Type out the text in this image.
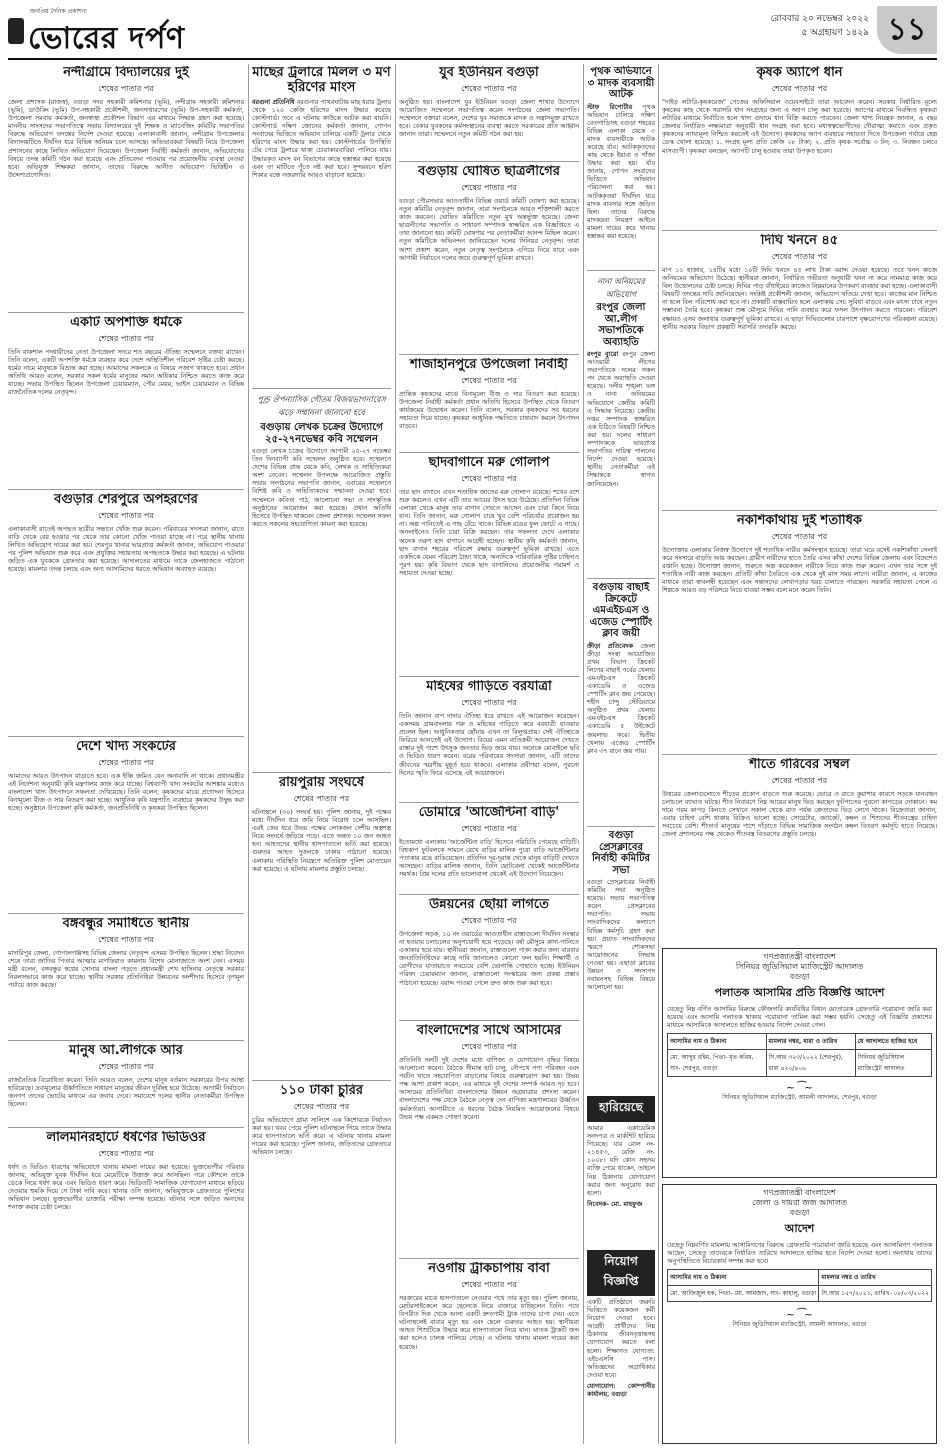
জনপ্রিয় দৈনিক প্রকাশনা
ভোরের দর্পণ
রোববার ২০ নভেম্বর ২০২২
৫ অগ্রহায়ণ ১৪২৯ ১১
নন্দীগ্রামে বিদ্যালয়ের দুই
শেষের পাতার পর
জেলা প্রশাসক (রাজস্ব), বগুড়া সদর সহকারী কমিশনার (ভূমি), নন্দীগ্রাম সহকারী কমিশনার (ভূমি), ডাউকিং (ভূমি) উপ-সহকারী প্রকৌশলী, জনসাধারণের (ভূমি) উপ-সহকারী কর্মকর্তা, উপজেলা সমবায় কর্মকর্তা, জনস্বাস্থ্য প্রকৌশল বিভাগ এর মাধ্যমে সিদ্ধান্ত গ্রহণ করা হয়েছে। মাননীয় সাংসদের সভাপতিত্বে সভায় বিদ্যালয়ের দুই শিক্ষক ও ম্যানেজিং কমিটির সভাপতির বিরুদ্ধে অভিযোগ তদন্তের নির্দেশ দেওয়া হয়েছে। এলাকাবাসী জানান, নন্দীগ্রাম উপজেলার বিদ্যালয়টিতে দীর্ঘদিন ধরে বিভিন্ন অনিয়ম চলে আসছে। অভিভাবকরা বিষয়টি নিয়ে উপজেলা প্রশাসনের কাছে লিখিত অভিযোগ দিয়েছেন। উপজেলা নির্বাহী কর্মকর্তা জানান, অভিযোগের বিষয়ে তদন্ত কমিটি গঠন করা হয়েছে এবং প্রতিবেদন পাওয়ার পর প্রয়োজনীয় ব্যবস্থা নেওয়া হবে। অভিযুক্ত শিক্ষকরা জানান, তাদের বিরুদ্ধে আনীত অভিযোগ ভিত্তিহীন ও উদ্দেশ্যপ্রণোদিত।
একটি অপশক্তি ধর্মকে
শেষের পাতার পর
তিনি বাকশাল পদধারীদের নেতা উপজেলা সদরে শত বছরের ঐতিহ্য সম্মেলনে বক্তব্য রাখেন। তিনি বলেন, একটি অপশক্তি ধর্মকে ব্যবহার করে দেশে অস্থিতিশীল পরিবেশ সৃষ্টির চেষ্টা করছে। ধর্মের নামে মানুষকে বিভ্রান্ত করা হচ্ছে। আমাদের সকলকে এ বিষয়ে সজাগ থাকতে হবে। প্রধান অতিথি আরও বলেন, সরকার সকল ধর্মের মানুষের সমান অধিকার নিশ্চিত করতে কাজ করে যাচ্ছে। সভায় উপস্থিত ছিলেন উপজেলা চেয়ারম্যান, পৌর মেয়র, ভাইস চেয়ারম্যান ও বিভিন্ন রাজনৈতিক দলের নেতৃবৃন্দ।
বগুড়ার শেরপুরে অপহরণের
শেষের পাতার পর
এলাকাবাসী রাতেই অপহৃত ছাত্রীর সন্ধানে খোঁজ শুরু করেন। পরিবারের সদস্যরা জানান, রাতে বাড়ি থেকে বের হওয়ার পর থেকে তার কোনো খোঁজ পাওয়া যাচ্ছে না। পরে স্থানীয় থানায় লিখিত অভিযোগ দায়ের করা হয়। শেরপুর থানার ভারপ্রাপ্ত কর্মকর্তা জানান, অভিযোগ পাওয়ার পর পুলিশ অভিযান শুরু করে এবং প্রযুক্তির সহায়তায় অপহৃতকে উদ্ধার করা হয়েছে। এ ঘটনায় জড়িত এক যুবককে গ্রেফতার করা হয়েছে। আদালতের মাধ্যমে তাকে জেলহাজতে পাঠানো হয়েছে। মামলার তদন্ত চলছে এবং অন্য আসামিদের ধরতে অভিযান অব্যাহত রয়েছে।
দেশে খাদ্য সংকটের
শেষের পাতার পর
আমাদের আরও উৎপাদন বাড়াতে হবে। এক ইঞ্চি জমিও যেন অনাবাদি না থাকে। প্রধানমন্ত্রীর এই নির্দেশনা অনুযায়ী কৃষি মন্ত্রণালয় কাজ করে যাচ্ছে। বিশ্বব্যাপী খাদ্য সংকটের আশঙ্কার মধ্যেও বাংলাদেশ খাদ্য উৎপাদনে সফলতা দেখিয়েছে। তিনি বলেন, কৃষকদের মাঝে প্রণোদনা হিসেবে বিনামূল্যে বীজ ও সার বিতরণ করা হচ্ছে। আধুনিক কৃষি যন্ত্রপাতি ব্যবহারে কৃষকদের উদ্বুদ্ধ করা হচ্ছে। অনুষ্ঠানে উপজেলা কৃষি কর্মকর্তা, জনপ্রতিনিধি ও কৃষকরা উপস্থিত ছিলেন।
বঙ্গবন্ধুর সমাধিতে স্থানীয়
শেষের পাতার পর
মাদারিপুর জেলা, গোপালগঞ্জসহ বিভিন্ন জেলার নেতৃবৃন্দ এসময় উপস্থিত ছিলেন। শ্রদ্ধা নিবেদন শেষে তারা জাতির পিতার আত্মার মাগফিরাত কামনায় বিশেষ মোনাজাতে অংশ নেন। এসময় মন্ত্রী বলেন, বঙ্গবন্ধুর স্বপ্নের সোনার বাংলা গড়তে প্রধানমন্ত্রী শেখ হাসিনার নেতৃত্বে সরকার নিরলসভাবে কাজ করে যাচ্ছে। স্থানীয় সরকার প্রতিনিধিরা উন্নয়নের অংশীদার হিসেবে তৃণমূল পর্যায়ে কাজ করছে।
মানুষ আ.লীগকে আর
শেষের পাতার পর
রাজনৈতিক বিরোধিতা করেন। তিনি আরও বলেন, দেশের মানুষ বর্তমান সরকারের উপর আস্থা হারিয়েছে। দ্রব্যমূল্যের ঊর্ধ্বগতিতে সাধারণ মানুষের জীবন দুর্বিষহ হয়ে উঠেছে। আগামী নির্বাচনে জনগণ তাদের ভোটের মাধ্যমে এর জবাব দেবে। সমাবেশে দলের স্থানীয় নেতাকর্মীরা উপস্থিত ছিলেন।
লালমনিরহাটে ধর্ষণের ভিডিওর
শেষের পাতার পর
ধর্ষণ ও ভিডিও ধারণের অভিযোগে থানায় মামলা দায়ের করা হয়েছে। ভুক্তভোগীর পরিবার জানায়, অভিযুক্ত যুবক দীর্ঘদিন ধরে মেয়েটিকে উত্ত্যক্ত করে আসছিল। পরে কৌশলে তাকে ডেকে নিয়ে ধর্ষণ করে এবং ভিডিও ধারণ করে। ভিডিওটি সামাজিক যোগাযোগ মাধ্যমে ছড়িয়ে দেওয়ার হুমকি দিয়ে সে টাকা দাবি করে। থানার ওসি জানান, অভিযুক্তকে গ্রেফতারে পুলিশের অভিযান চলছে। ভুক্তভোগীর ডাক্তারি পরীক্ষা সম্পন্ন হয়েছে। ঘটনার সঙ্গে জড়িত অন্যদের শনাক্ত করার চেষ্টা চলছে।
মাছের ট্রলারে মিলল ৩ মণ হরিণের মাংস
বরগুনা প্রতিনিধি বরগুনার পাথরঘাটায় মাছ ধরার ট্রলার থেকে ১২০ কেজি হরিণের মাংস উদ্ধার করেছে কোস্টগার্ড। তবে এ ঘটনায় কাউকে আটক করা যায়নি। কোস্টগার্ড দক্ষিণ জোনের কর্মকর্তা জানান, গোপন সংবাদের ভিত্তিতে অভিযান চালিয়ে একটি ট্রলার থেকে হরিণের মাংস উদ্ধার করা হয়। কোস্টগার্ডের উপস্থিতি টের পেয়ে ট্রলারে থাকা চোরাকারবারিরা পালিয়ে যায়। উদ্ধারকৃত মাংস বন বিভাগের কাছে হস্তান্তর করা হয়েছে এবং তা মাটিতে পুঁতে নষ্ট করা হবে। সুন্দরবনে হরিণ শিকার বন্ধে নজরদারি আরও বাড়ানো হয়েছে।
পুণ্ড্র ঔপন্যাসিক গৌতম বিজয়ভাগনারেস ঝড়ে সম্মাননা জানানো হবে
বগুড়ায় লেখক চক্রের উদ্যোগে ২৫-২৭নভেম্বর কবি সম্মেলন
বগুড়া লেখক চক্রের উদ্যোগে আগামী ২৫-২৭ নভেম্বর তিন দিনব্যাপী কবি সম্মেলন অনুষ্ঠিত হবে। সম্মেলনে দেশের বিভিন্ন প্রান্ত থেকে কবি, লেখক ও সাহিত্যিকরা অংশ নেবেন। সম্মেলন উপলক্ষে আয়োজিত প্রস্তুতি সভায় সংগঠনের সভাপতি জানান, এবারের সম্মেলনে বিশিষ্ট কবি ও সাহিত্যিকদের সম্মাননা দেওয়া হবে। সম্মেলনে কবিতা পাঠ, আলোচনা সভা ও সাংস্কৃতিক অনুষ্ঠানের আয়োজন করা হয়েছে। প্রধান অতিথি হিসেবে উপস্থিত থাকবেন জেলা প্রশাসক। সম্মেলন সফল করতে সকলের সহযোগিতা কামনা করা হয়েছে।
রায়পুরায় সংঘর্ষে
শেষের পাতার পর
ঘটনাস্থলে (৩০) সংঘর্ষ হয়। পুলিশ জানায়, দুই পক্ষের মধ্যে দীর্ঘদিন ধরে জমি নিয়ে বিরোধ চলে আসছিল। এরই জের ধরে উভয় পক্ষের লোকজন দেশীয় অস্ত্রশস্ত্র নিয়ে সংঘর্ষে জড়িয়ে পড়ে। এতে অন্তত ১০ জন আহত হন। আহতদের স্থানীয় হাসপাতালে ভর্তি করা হয়েছে। গুরুতর আহত দুজনকে ঢাকায় পাঠানো হয়েছে। এলাকায় পরিস্থিতি নিয়ন্ত্রণে অতিরিক্ত পুলিশ মোতায়েন করা হয়েছে। এ ঘটনায় মামলার প্রস্তুতি চলছে।
১১০ টাকা চুরির
শেষের পাতার পর
চুরির অভিযোগে গ্রাম্য সালিশে এক কিশোরকে নির্যাতন করা হয়। খবর পেয়ে পুলিশ ঘটনাস্থলে গিয়ে তাকে উদ্ধার করে হাসপাতালে ভর্তি করে। এ ঘটনায় থানায় মামলা দায়ের করা হয়েছে। পুলিশ জানায়, জড়িতদের গ্রেফতারে অভিযান চলছে।
যুব ইউনিয়ন বগুড়া
শেষের পাতার পর
অনুষ্ঠিত হয়। বাংলাদেশ যুব ইউনিয়ন বগুড়া জেলা শাখার উদ্যোগে আয়োজিত সম্মেলনে সভাপতিত্ব করেন সংগঠনের জেলা সভাপতি। সম্মেলনে বক্তারা বলেন, দেশের যুব সমাজকে মাদক ও সন্ত্রাসমুক্ত রাখতে হবে। বেকার যুবকদের কর্মসংস্থানের ব্যবস্থা করতে সরকারের প্রতি আহ্বান জানান তারা। সম্মেলনে নতুন কমিটি গঠন করা হয়।
বগুড়ায় ঘোষিত ছাত্রলীগের
শেষের পাতার পর
বগুড়া পৌরসভার আওতাধীন বিভিন্ন ওয়ার্ড কমিটি ঘোষণা করা হয়েছে। নতুন কমিটির নেতৃবৃন্দ জানান, তারা সংগঠনকে আরও শক্তিশালী করতে কাজ করবেন। ঘোষিত কমিটিতে নতুন মুখ অন্তর্ভুক্ত হয়েছে। জেলা ছাত্রলীগের সভাপতি ও সাধারণ সম্পাদক স্বাক্ষরিত এক বিজ্ঞপ্তিতে এ তথ্য জানানো হয়। কমিটি ঘোষণার পর নেতাকর্মীরা আনন্দ মিছিল করেন। নতুন কমিটিকে অভিনন্দন জানিয়েছেন দলের সিনিয়র নেতৃবৃন্দ। তারা আশা প্রকাশ করেন, নতুন নেতৃত্ব সংগঠনকে এগিয়ে নিয়ে যাবে এবং আগামী নির্বাচনে দলের জয়ে গুরুত্বপূর্ণ ভূমিকা রাখবে।
শাজাহানপুরে উপজেলা নির্বাহী
শেষের পাতার পর
প্রান্তিক কৃষকদের মাঝে বিনামূল্যে বীজ ও সার বিতরণ করা হয়েছে। উপজেলা নির্বাহী কর্মকর্তা প্রধান অতিথি হিসেবে উপস্থিত থেকে বিতরণ কার্যক্রমের উদ্বোধন করেন। তিনি বলেন, সরকার কৃষকদের সব ধরনের সহায়তা দিয়ে যাচ্ছে। কৃষকরা আধুনিক পদ্ধতিতে চাষাবাদ করলে উৎপাদন বাড়বে।
ছাদবাগানে মরু গোলাপ
শেষের পাতার পর
তার ছাদ বাগানে এখন শতাধিক জাতের মরু গোলাপ রয়েছে। শখের বশে শুরু করলেও এখন এটি তার আয়ের উৎস হয়ে উঠেছে। প্রতিদিন বিভিন্ন এলাকা থেকে মানুষ তার বাগান দেখতে আসেন এবং চারা কিনে নিয়ে যান। তিনি জানান, মরু গোলাপ চাষে খুব বেশি পরিচর্যার প্রয়োজন হয় না। অল্প পানিতেই এ গাছ বেঁচে থাকে। বিভিন্ন রঙের ফুল ফোটে এ গাছে। অনলাইনেও তিনি চারা বিক্রি করছেন। তার সফলতা দেখে এলাকার অনেক তরুণ ছাদ বাগানে আগ্রহী হচ্ছেন। স্থানীয় কৃষি কর্মকর্তা জানান, ছাদ বাগান শহরের পরিবেশ রক্ষায় গুরুত্বপূর্ণ ভূমিকা রাখছে। এতে একদিকে যেমন পরিবেশ ঠান্ডা থাকে, অন্যদিকে পারিবারিক পুষ্টির চাহিদাও পূরণ হয়। কৃষি বিভাগ থেকে ছাদ বাগানিদের প্রয়োজনীয় পরামর্শ ও সহায়তা দেওয়া হচ্ছে।
মহিষের গাড়িতে বরযাত্রা
শেষের পাতার পর
তিনি জানান বাপ দাদার ঐতিহ্য ধরে রাখতে এই আয়োজন করেছেন। একসময় গ্রামবাংলায় গরু ও মহিষের গাড়িতে করে বরযাত্রী যাওয়ার প্রচলন ছিল। আধুনিকতার ছোঁয়ায় এখন তা বিলুপ্তপ্রায়। সেই ঐতিহ্যকে ফিরিয়ে আনতেই এই উদ্যোগ। বিয়ের এমন ব্যতিক্রমী আয়োজন দেখতে রাস্তার দুই পাশে উৎসুক জনতার ভিড় জমে যায়। অনেকে মোবাইলে ছবি ও ভিডিও ধারণ করেন। বরের পরিবারের সদস্যরা জানান, এটি তাদের জীবনের স্মরণীয় মুহূর্ত হয়ে থাকবে। এলাকার প্রবীণরা বলেন, পুরনো দিনের স্মৃতি ফিরে এসেছে এই আয়োজনে।
ডোমারে 'আর্জেন্টিনা বাড়ি'
শেষের পাতার পর
ইতোমধ্যে এলাকায় 'আর্জেন্টিনা বাড়ি' হিসেবে পরিচিতি পেয়েছে বাড়িটি। বিশ্বকাপ ফুটবলকে সামনে রেখে বাড়ির মালিক পুরো বাড়ি আর্জেন্টিনার পতাকার রঙে রাঙিয়েছেন। প্রতিদিন দূর-দূরান্ত থেকে মানুষ বাড়িটি দেখতে আসছেন। বাড়ির মালিক জানান, তিনি ছোটবেলা থেকেই আর্জেন্টিনার সমর্থক। প্রিয় দলের প্রতি ভালোবাসা থেকেই এই উদ্যোগ নিয়েছেন।
উন্নয়নের ছোঁয়া লাগতে
শেষের পাতার পর
উপজেলা সড়ক, ১০ নং ওয়ার্ডের আওতাধীন রাস্তাগুলো দীর্ঘদিন সংস্কার না হওয়ায় চলাচলের অনুপযোগী হয়ে পড়েছে। বর্ষা মৌসুমে কাদা-পানিতে একাকার হয়ে যায়। স্থানীয়রা জানান, রাস্তাগুলো পাকা করার জন্য বারবার জনপ্রতিনিধিদের কাছে দাবি জানালেও কোনো ফল হয়নি। শিক্ষার্থী ও রোগীদের যাতায়াতে সবচেয়ে বেশি ভোগান্তি পোহাতে হচ্ছে। ইউনিয়ন পরিষদ চেয়ারম্যান জানান, রাস্তাগুলো সংস্কারের জন্য প্রকল্প প্রস্তাব পাঠানো হয়েছে। বরাদ্দ পাওয়া গেলে দ্রুত কাজ শুরু করা হবে।
বাংলাদেশের সাথে আসামের
শেষের পাতার পর
প্রতিনিধি দলটি দুই দেশের মধ্যে বাণিজ্য ও যোগাযোগ বৃদ্ধির বিষয়ে আলোচনা করেন। বৈঠকে সীমান্ত হাট চালু, নৌপথে পণ্য পরিবহন এবং পর্যটন খাতে সহযোগিতা বাড়ানোর বিষয়ে গুরুত্বারোপ করা হয়। উভয় পক্ষ আশা প্রকাশ করেন, এর মাধ্যমে দুই দেশের সম্পর্ক আরও দৃঢ় হবে। আসামের প্রতিনিধিরা বাংলাদেশের উন্নয়ন অগ্রযাত্রার প্রশংসা করেন। বাংলাদেশের পক্ষ থেকে বৈঠকে নেতৃত্ব দেন বাণিজ্য মন্ত্রণালয়ের ঊর্ধ্বতন কর্মকর্তারা। আগামীতে এ ধরনের বৈঠক নিয়মিত আয়োজনের বিষয়ে উভয় পক্ষ একমত পোষণ করেন।
নওগাঁয় ট্রাকচাপায় বাবা
শেষের পাতার পর
সরকারের মাঝে হাসপাতালে নেওয়ার পথে তার মৃত্যু হয়। পুলিশ জানায়, মোটরসাইকেলে করে ছেলেকে নিয়ে বাজারে যাচ্ছিলেন তিনি। পথে বিপরীত দিক থেকে আসা একটি দ্রুতগামী ট্রাক তাদের চাপা দেয়। এতে ঘটনাস্থলেই বাবার মৃত্যু হয় এবং ছেলে গুরুতর আহত হয়। স্থানীয়রা আহত শিশুটিকে উদ্ধার করে হাসপাতালে নিয়ে যান। ঘাতক ট্রাকটি জব্দ করা হলেও চালক পালিয়ে গেছে। এ ঘটনায় থানায় মামলা দায়ের করা হয়েছে।
পৃথক অভিযানে ৩ মাদক ব্যবসায়ী আটক
স্টাফ রিপোর্টার পৃথক অভিযান চালিয়ে দক্ষিণ বেতগাড়িসহ বগুড়া শহরের বিভিন্ন এলাকা থেকে ৩ মাদক ব্যবসায়ীকে আটক করেছে র্যাব। আটককৃতদের কাছ থেকে ইয়াবা ও গাঁজা উদ্ধার করা হয়। র্যাব জানায়, গোপন সংবাদের ভিত্তিতে অভিযান পরিচালনা করা হয়। আটককৃতরা দীর্ঘদিন ধরে মাদক ব্যবসার সঙ্গে জড়িত ছিল। তাদের বিরুদ্ধে মাদকদ্রব্য নিয়ন্ত্রণ আইনে মামলা দায়ের করে থানায় হস্তান্তর করা হয়েছে।
নানা অনিয়মের অভিযোগ
রংপুর জেলা আ.লীগ সভাপতিকে অব্যাহতি
রংপুর ব্যুরো রংপুর জেলা আওয়ামী লীগের সভাপতিকে দলের সকল পদ থেকে অব্যাহতি দেওয়া হয়েছে। দলীয় শৃঙ্খলা ভঙ্গ ও নানা অনিয়মের অভিযোগে কেন্দ্রীয় কমিটি এ সিদ্ধান্ত নিয়েছে। কেন্দ্রীয় দপ্তর সম্পাদক স্বাক্ষরিত এক চিঠিতে বিষয়টি নিশ্চিত করা হয়। দলের সাধারণ সম্পাদককে ভারপ্রাপ্ত সভাপতির দায়িত্ব পালনের নির্দেশ দেওয়া হয়েছে। স্থানীয় নেতাকর্মীরা এই সিদ্ধান্তকে স্বাগত জানিয়েছেন।
বগুড়ায় বাছাই ক্রিকেটে এমএইচএস ও এজেড স্পোর্টিং ক্লাব জয়ী
ক্রীড়া প্রতিবেদক জেলা ক্রীড়া সংস্থা আয়োজিত প্রথম বিভাগ ক্রিকেট লিগের বাছাই পর্বের খেলায় এমএইচএস ক্রিকেট একাডেমি ও এজেড স্পোর্টিং ক্লাব জয় পেয়েছে। শহীদ চান্দু স্টেডিয়ামে অনুষ্ঠিত প্রথম খেলায় এমএইচএস ক্রিকেট একাডেমি ৫ উইকেটে জয়লাভ করে। দ্বিতীয় খেলায় এজেড স্পোর্টিং ক্লাব ৩৭ রানে জয় পায়।
বগুড়া প্রেসক্লাবের নির্বাহী কমিটির সভা
বগুড়া প্রেসক্লাবের নির্বাহী কমিটির সভা অনুষ্ঠিত হয়েছে। সভায় সভাপতিত্ব করেন প্রেসক্লাবের সভাপতি। সভায় সাংবাদিকদের কল্যাণে বিভিন্ন কর্মসূচি গ্রহণ করা হয়। প্রয়াত সাংবাদিকদের স্মরণে শোকসভা আয়োজনের সিদ্ধান্ত নেওয়া হয়। এছাড়া ক্লাবের উন্নয়ন ও সদস্যপদ নবায়নসহ বিভিন্ন বিষয়ে আলোচনা হয়।
হারিয়েছে
আমার একাডেমিক সনদপত্র ও মার্কশিট হারিয়ে গিয়েছে। যার রোল নং- ২১৪৫৩, রেজি নং- ১০০৮। যদি কোন সহৃদয় ব্যক্তি পেয়ে থাকেন, তাহলে নিম্ন ঠিকানায় যোগাযোগ করার জন্য অনুরোধ করা হলো।
নিবেদক- মো. মাহফুজ
নিয়োগ বিজ্ঞপ্তি
একটি প্রতিষ্ঠানে জরুরি ভিত্তিতে কয়েকজন কর্মী নিয়োগ দেওয়া হবে। আগ্রহী প্রার্থীদের নিম্ন ঠিকানায় জীবনবৃত্তান্তসহ যোগাযোগ করতে বলা হলো। শিক্ষাগত যোগ্যতা: এইচএসসি পাস। অভিজ্ঞদের অগ্রাধিকার দেওয়া হবে।
যোগাযোগ: কোম্পানীর কার্যালয়, বগুড়া
কৃষক অ্যাপে ধান
শেষের পাতার পর
"দাইড় লটারি-কৃষকরেজ" পেজের অফিসিয়াল ওয়েবসাইটে তারা আবেদন করেন। সরকার নির্ধারিত মূল্যে কৃষকের কাছ থেকে সরাসরি ধান সংগ্রহের জন্য এ অ্যাপ চালু করা হয়েছে। অ্যাপের মাধ্যমে নিবন্ধিত কৃষকরা লটারির মাধ্যমে নির্বাচিত হলে খাদ্য গুদামে ধান বিক্রি করতে পারবেন। জেলা খাদ্য নিয়ন্ত্রক জানান, এ বছর জেলায় নির্ধারিত লক্ষ্যমাত্রা অনুযায়ী ধান সংগ্রহ করা হবে। মধ্যস্বত্বভোগীদের দৌরাত্ম্য কমাতে এবং প্রকৃত কৃষকদের ন্যায্যমূল্য নিশ্চিত করতেই এই উদ্যোগ। কৃষকদের অ্যাপ ব্যবহারে সহায়তা দিতে উপজেলা পর্যায়ে হেল্প ডেস্ক খোলা হয়েছে। ১. সংগ্রহ মূল্য প্রতি কেজি ২৮ টাকা; ২. প্রতি কৃষক সর্বোচ্চ ৩ টন; ৩. নিবন্ধন চলবে মাসব্যাপী। কৃষকরা বলছেন, অ্যাপটি চালু হওয়ায় তারা উপকৃত হবেন।
দিঘি খননে ৪৫
শেষের পাতার পর
মাপ ১১ হাজার, ১৪টির মধ্যে ১০টি দিঘি খননে ৪৫ লাখ টাকা বরাদ্দ দেওয়া হয়েছে। তবে খনন কাজে অনিয়মের অভিযোগ উঠেছে। স্থানীয়রা জানান, নির্ধারিত গভীরতা অনুযায়ী খনন না করে নামমাত্র কাজ করে বিল উত্তোলনের চেষ্টা চলছে। দিঘির পাড় বাঁধাইয়ের কাজেও নিম্নমানের উপকরণ ব্যবহার করা হচ্ছে। এলাকাবাসী বিষয়টি তদন্তের দাবি জানিয়েছেন। সংশ্লিষ্ট প্রকৌশলী জানান, অভিযোগ খতিয়ে দেখা হবে। কাজের মান নিশ্চিত না হলে বিল পরিশোধ করা হবে না। প্রকল্পটি বাস্তবায়িত হলে এলাকায় সেচ সুবিধা বাড়বে এবং মৎস্য চাষে নতুন সম্ভাবনা তৈরি হবে। কৃষকরা শুষ্ক মৌসুমে দিঘির পানি ব্যবহার করে ফসল উৎপাদন করতে পারবেন। পরিবেশ রক্ষায়ও এসব জলাধার গুরুত্বপূর্ণ ভূমিকা রাখবে। এ ছাড়া দিঘিগুলোর চারপাশে বৃক্ষরোপণের পরিকল্পনা রয়েছে। স্থানীয় সরকার বিভাগ প্রকল্পটি সরাসরি তদারকি করছে।
নকশিকাঁথায় দুই শতাধিক
শেষের পাতার পর
উদ্যোক্তার এলাকায় নিজস্ব উদ্যোগে দুই শতাধিক নারীর কর্মসংস্থান হয়েছে। তারা ঘরে বসেই নকশিকাঁথা সেলাই করে সংসারে বাড়তি আয় করছেন। গ্রামীণ নারীদের হাতে তৈরি এসব কাঁথা দেশের বিভিন্ন জেলায় এবং বিদেশেও রপ্তানি হচ্ছে। উদ্যোক্তা জানান, শুরুতে অল্প কয়েকজন নারীকে নিয়ে কাজ শুরু করেন। এখন তার সঙ্গে দুই শতাধিক নারী কাজ করছেন। প্রতিটি কাঁথা তৈরিতে এক থেকে দুই মাস সময় লাগে। নারীরা জানান, এ কাজের মাধ্যমে তারা স্বাবলম্বী হয়েছেন এবং সন্তানদের লেখাপড়ার খরচ চালাতে পারছেন। সরকারি সহায়তা পেলে এ শিল্পকে আরও বড় পরিসরে নিয়ে যাওয়া সম্ভব বলে মনে করেন তিনি।
শীতে গরিবের সম্বল
শেষের পাতার পর
উত্তরের জেলাগুলোতে শীতের প্রকোপ বাড়তে শুরু করেছে। ভোরে ও রাতে কুয়াশার কারণে সড়কে যানবাহন চলাচলে ব্যাঘাত ঘটছে। শীত নিবারণে নিম্ন আয়ের মানুষ ভিড় করছেন ফুটপাতের পুরনো কাপড়ের দোকানে। কম দামে গরম কাপড় কিনতে সেখানে সকাল থেকে রাত পর্যন্ত ক্রেতাদের ভিড় লেগে থাকে। বিক্রেতারা জানান, এবার চাহিদা বেশি থাকায় বিক্রিও ভালো হচ্ছে। সোয়েটার, জ্যাকেট, কম্বল ও শিশুদের শীতবস্ত্রের চাহিদা সবচেয়ে বেশি। শীতার্ত মানুষের পাশে দাঁড়াতে বিভিন্ন সামাজিক সংগঠন কম্বল বিতরণ কর্মসূচি হাতে নিয়েছে। জেলা প্রশাসনের পক্ষ থেকেও শীতবস্ত্র বিতরণের প্রস্তুতি চলছে।
গণপ্রজাতন্ত্রী বাংলাদেশ
সিনিয়র জুডিসিয়াল ম্যাজিস্ট্রেট আদালত
বগুড়া
পলাতক আসামির প্রতি বিজ্ঞপ্তি আদেশ
যেহেতু নিম্ন বর্ণিত আসামির বিরুদ্ধে ফৌজদারি কার্যবিধির বিধান মোতাবেক গ্রেফতারি পরোয়ানা জারি করা হয়েছে এবং আসামি পলাতক থাকায় পরোয়ানা তামিল করা সম্ভব হয়নি। সেহেতু এই বিজ্ঞপ্তি প্রকাশের মাধ্যমে আসামিকে আদালতে হাজির হওয়ার নির্দেশ দেওয়া গেল।
আসামির নাম ও ঠিকানা	মামলার নম্বর, ধারা ও তারিখ	যে আদালতে হাজির হবে
মো. আব্দুর রহিম, পিতা- মৃত করিম, সাং- শেরপুর, বগুড়া	সি.আর ৩২৩/২০২২ (শেরপুর), ধারা ৪২০/৪০৬	সিনিয়র জুডিসিয়াল ম্যাজিস্ট্রেট আদালত
~⁀~
সিনিয়র জুডিসিয়াল ম্যাজিস্ট্রেট, আমলী আদালত, শেরপুর, বগুড়া
গণপ্রজাতন্ত্রী বাংলাদেশ
জেলা ও দায়রা জজ আদালত
বগুড়া
আদেশ
যেহেতু নিম্নবর্ণিত মামলায় আসামিগণের বিরুদ্ধে গ্রেফতারি পরোয়ানা জারি হয়েছে এবং আসামিগণ পলাতক আছেন, সেহেতু তাদেরকে নির্ধারিত তারিখে আদালতে হাজির হতে নির্দেশ দেওয়া হলো। অন্যথায় তাদের অনুপস্থিতিতে বিচারকার্য সম্পন্ন করা হবে।
আসামির নাম ও ঠিকানা	মামলার নম্বর ও তারিখ
মো. আজিজুল হক, পিতা- মো. আমজাদ, সাং- কাহালু, বগুড়া	সি.আর ১৫৭/২০২১, তারিখ- ০৮/০৩/২০২২
~⁀~
সিনিয়র জুডিসিয়াল ম্যাজিস্ট্রেট, আমলী আদালত, বগুড়া
